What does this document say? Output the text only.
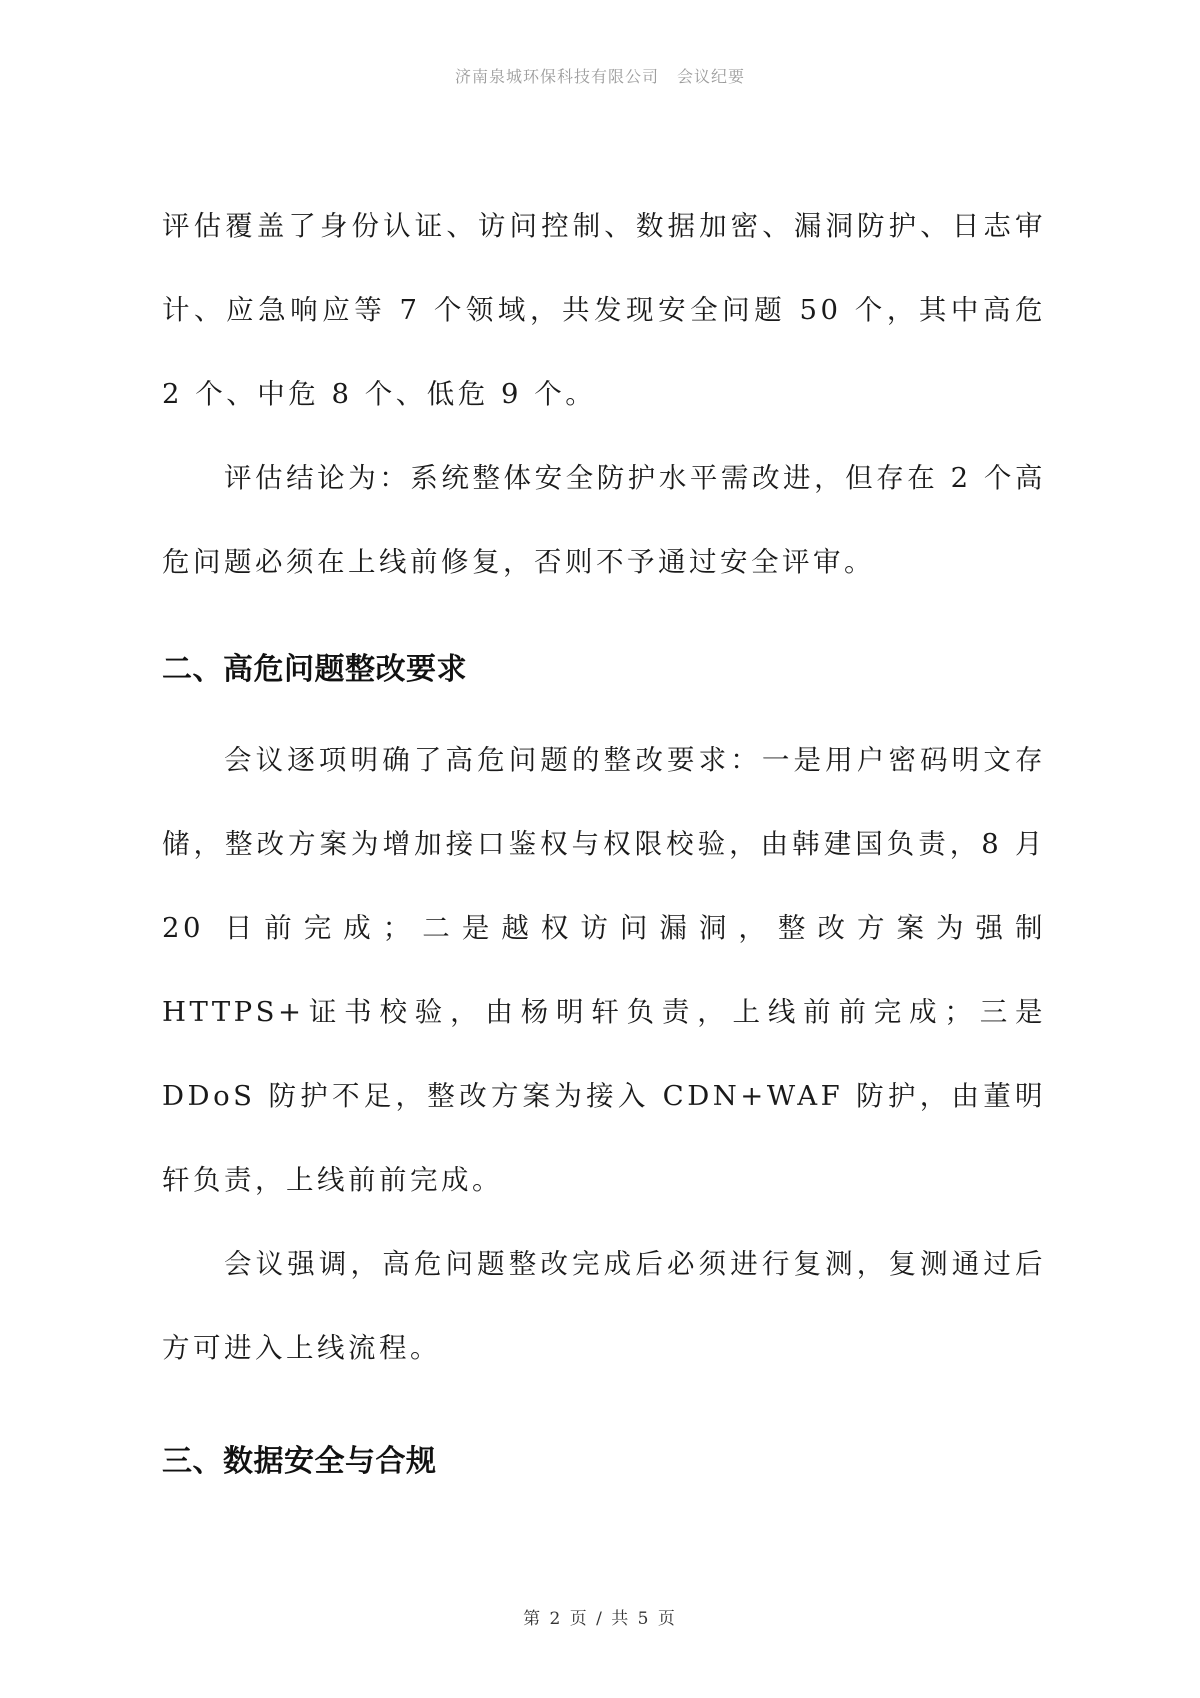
济南泉城环保科技有限公司 会议纪要

评估覆盖了身份认证、访问控制、数据加密、漏洞防护、日志审计、应急响应等 7 个领域，共发现安全问题 50 个，其中高危 2 个、中危 8 个、低危 9 个。

评估结论为：系统整体安全防护水平需改进，但存在 2 个高危问题必须在上线前修复，否则不予通过安全评审。

二、高危问题整改要求

会议逐项明确了高危问题的整改要求：一是用户密码明文存储，整改方案为增加接口鉴权与权限校验，由韩建国负责，8 月 20 日前完成；二是越权访问漏洞，整改方案为强制 HTTPS+证书校验，由杨明轩负责，上线前前完成；三是 DDoS 防护不足，整改方案为接入 CDN+WAF 防护，由董明轩负责，上线前前完成。

会议强调，高危问题整改完成后必须进行复测，复测通过后方可进入上线流程。

三、数据安全与合规
第 2 页 / 共 5 页
